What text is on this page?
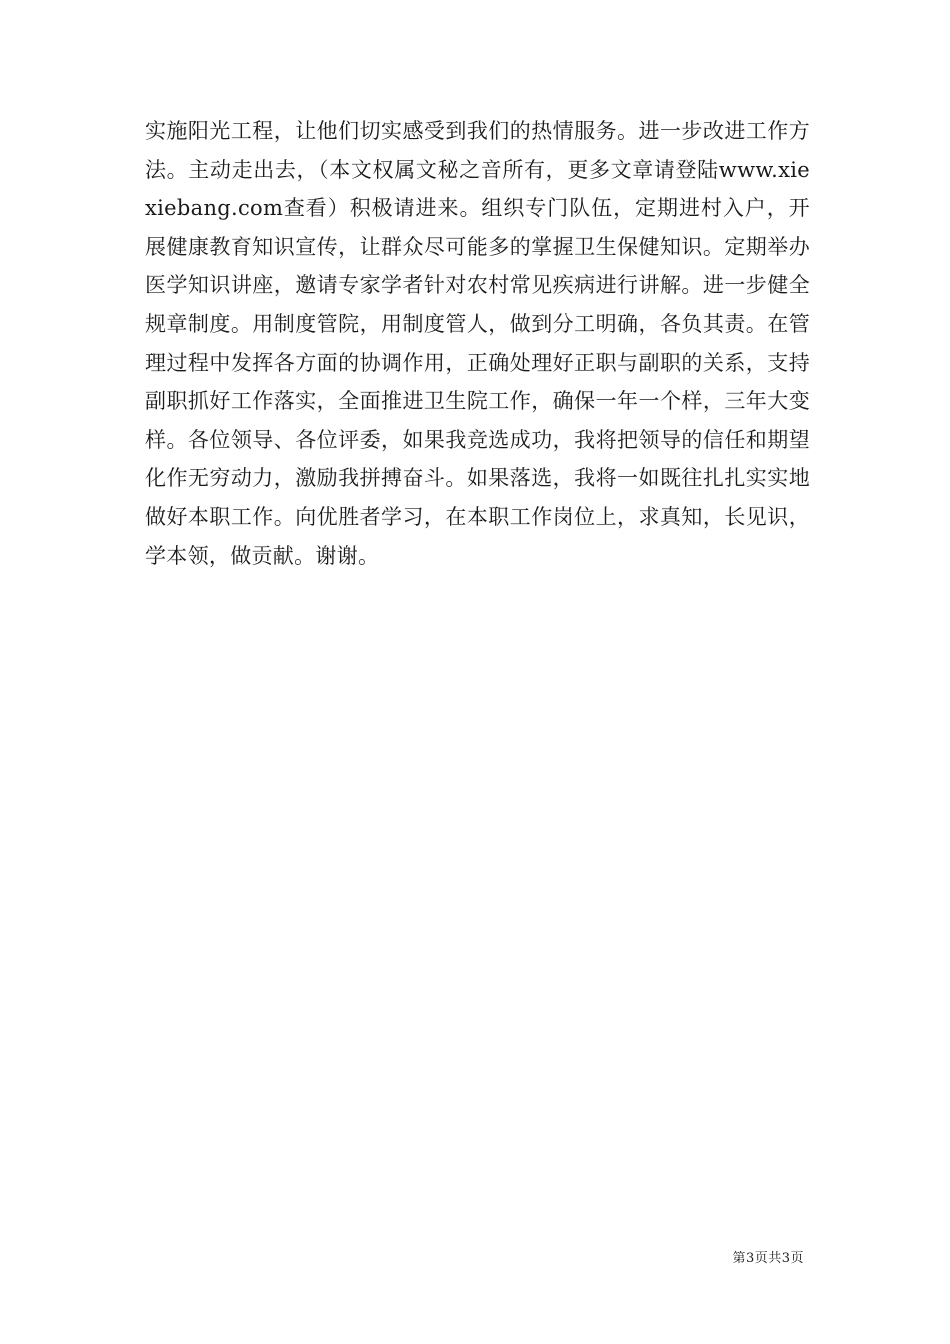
实施阳光工程，让他们切实感受到我们的热情服务。进一步改进工作方法。主动走出去，（本文权属文秘之音所有，更多文章请登陆www.xiexiebang.com查看）积极请进来。组织专门队伍，定期进村入户，开展健康教育知识宣传，让群众尽可能多的掌握卫生保健知识。定期举办医学知识讲座，邀请专家学者针对农村常见疾病进行讲解。进一步健全规章制度。用制度管院，用制度管人，做到分工明确，各负其责。在管理过程中发挥各方面的协调作用，正确处理好正职与副职的关系，支持副职抓好工作落实，全面推进卫生院工作，确保一年一个样，三年大变样。各位领导、各位评委，如果我竞选成功，我将把领导的信任和期望化作无穷动力，激励我拼搏奋斗。如果落选，我将一如既往扎扎实实地做好本职工作。向优胜者学习，在本职工作岗位上，求真知，长见识，学本领，做贡献。谢谢。

第3页共3页
